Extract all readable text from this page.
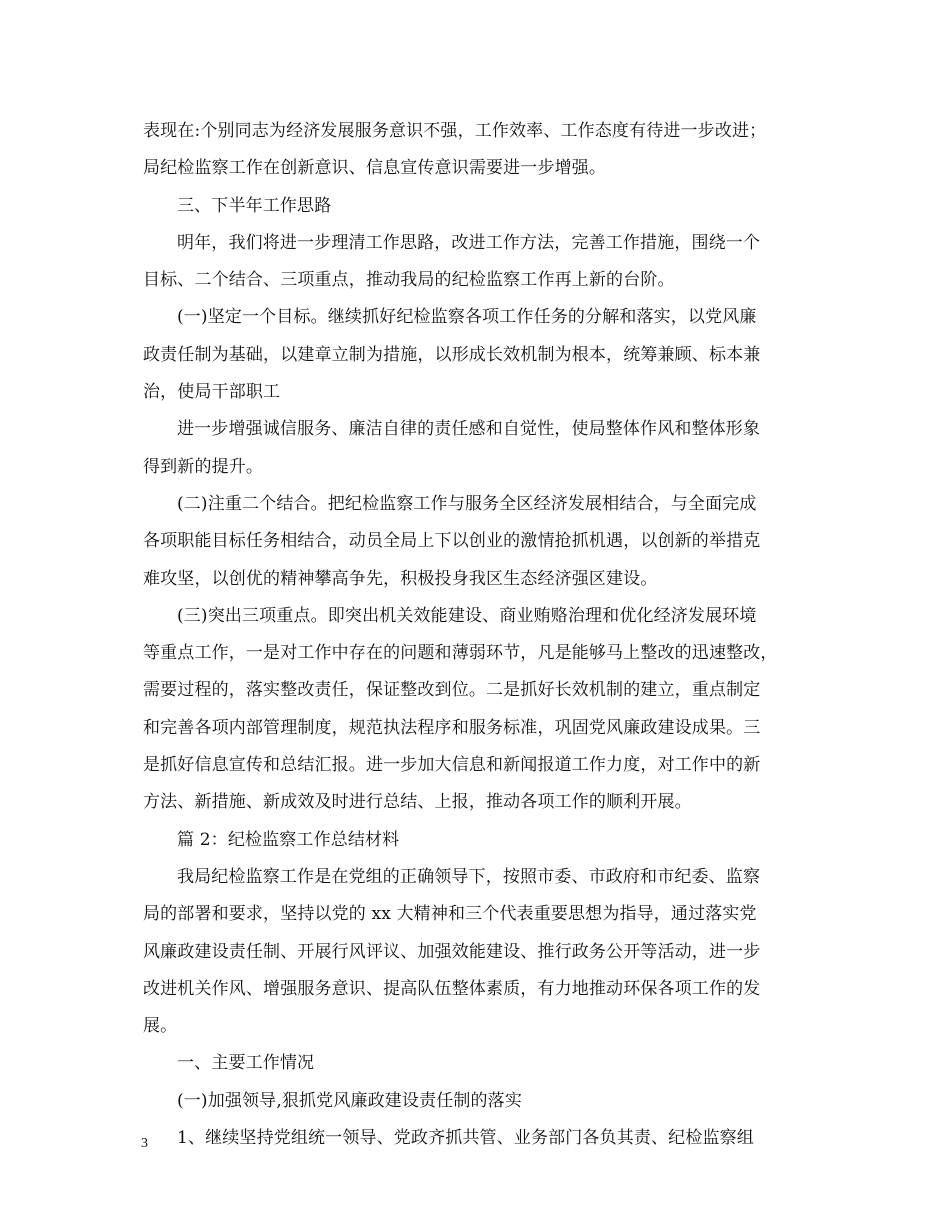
表现在:个别同志为经济发展服务意识不强，工作效率、工作态度有待进一步改进；
局纪检监察工作在创新意识、信息宣传意识需要进一步增强。
三、下半年工作思路
明年，我们将进一步理清工作思路，改进工作方法，完善工作措施，围绕一个
目标、二个结合、三项重点，推动我局的纪检监察工作再上新的台阶。
(一)坚定一个目标。继续抓好纪检监察各项工作任务的分解和落实，以党风廉
政责任制为基础，以建章立制为措施，以形成长效机制为根本，统筹兼顾、标本兼
治，使局干部职工
进一步增强诚信服务、廉洁自律的责任感和自觉性，使局整体作风和整体形象
得到新的提升。
(二)注重二个结合。把纪检监察工作与服务全区经济发展相结合，与全面完成
各项职能目标任务相结合，动员全局上下以创业的激情抢抓机遇，以创新的举措克
难攻坚，以创优的精神攀高争先，积极投身我区生态经济强区建设。
(三)突出三项重点。即突出机关效能建设、商业贿赂治理和优化经济发展环境
等重点工作，一是对工作中存在的问题和薄弱环节，凡是能够马上整改的迅速整改，
需要过程的，落实整改责任，保证整改到位。二是抓好长效机制的建立，重点制定
和完善各项内部管理制度，规范执法程序和服务标准，巩固党风廉政建设成果。三
是抓好信息宣传和总结汇报。进一步加大信息和新闻报道工作力度，对工作中的新
方法、新措施、新成效及时进行总结、上报，推动各项工作的顺利开展。
篇 2：纪检监察工作总结材料
我局纪检监察工作是在党组的正确领导下，按照市委、市政府和市纪委、监察
局的部署和要求，坚持以党的 xx 大精神和三个代表重要思想为指导，通过落实党
风廉政建设责任制、开展行风评议、加强效能建设、推行政务公开等活动，进一步
改进机关作风、增强服务意识、提高队伍整体素质，有力地推动环保各项工作的发
展。
一、主要工作情况
(一)加强领导,狠抓党风廉政建设责任制的落实
1、继续坚持党组统一领导、党政齐抓共管、业务部门各负其责、纪检监察组
3
